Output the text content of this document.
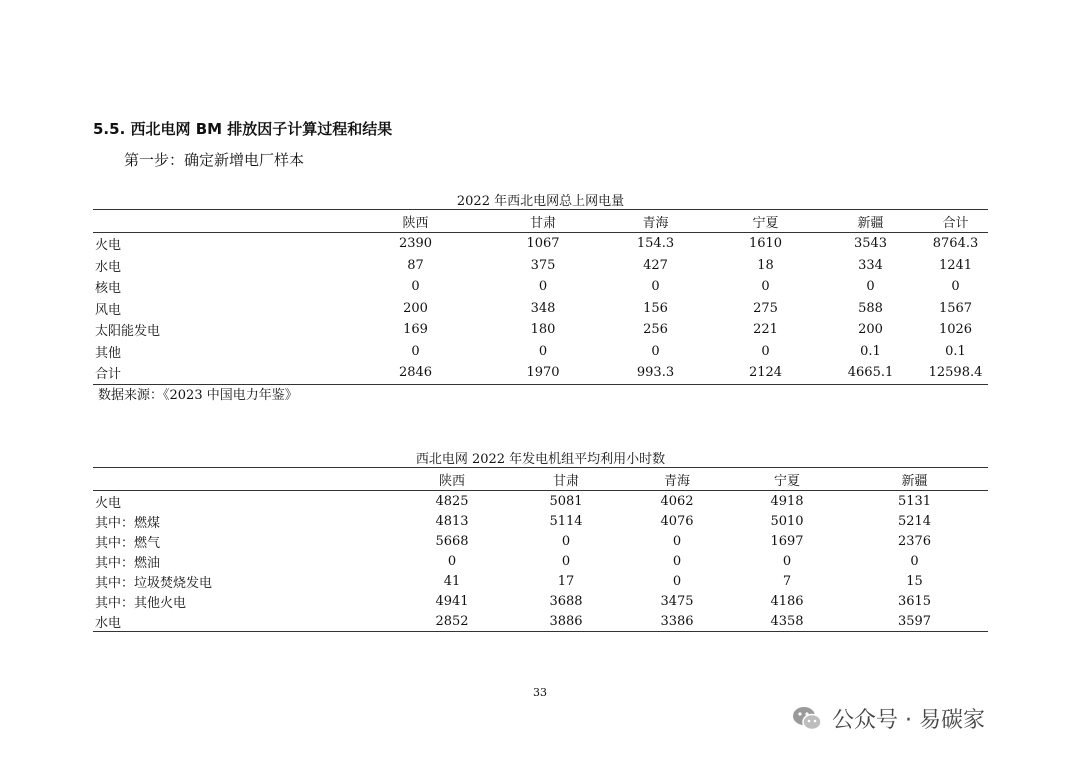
5.5. 西北电网 BM 排放因子计算过程和结果
第一步：确定新增电厂样本
2022 年西北电网总上网电量
	陕西	甘肃	青海	宁夏	新疆	合计
火电	2390	1067	154.3	1610	3543	8764.3
水电	87	375	427	18	334	1241
核电	0	0	0	0	0	0
风电	200	348	156	275	588	1567
太阳能发电	169	180	256	221	200	1026
其他	0	0	0	0	0.1	0.1
合计	2846	1970	993.3	2124	4665.1	12598.4
数据来源：《2023 中国电力年鉴》
西北电网 2022 年发电机组平均利用小时数
	陕西	甘肃	青海	宁夏	新疆
火电	4825	5081	4062	4918	5131
其中：燃煤	4813	5114	4076	5010	5214
其中：燃气	5668	0	0	1697	2376
其中：燃油	0	0	0	0	0
其中：垃圾焚烧发电	41	17	0	7	15
其中：其他火电	4941	3688	3475	4186	3615
水电	2852	3886	3386	4358	3597
33
公众号 · 易碳家
